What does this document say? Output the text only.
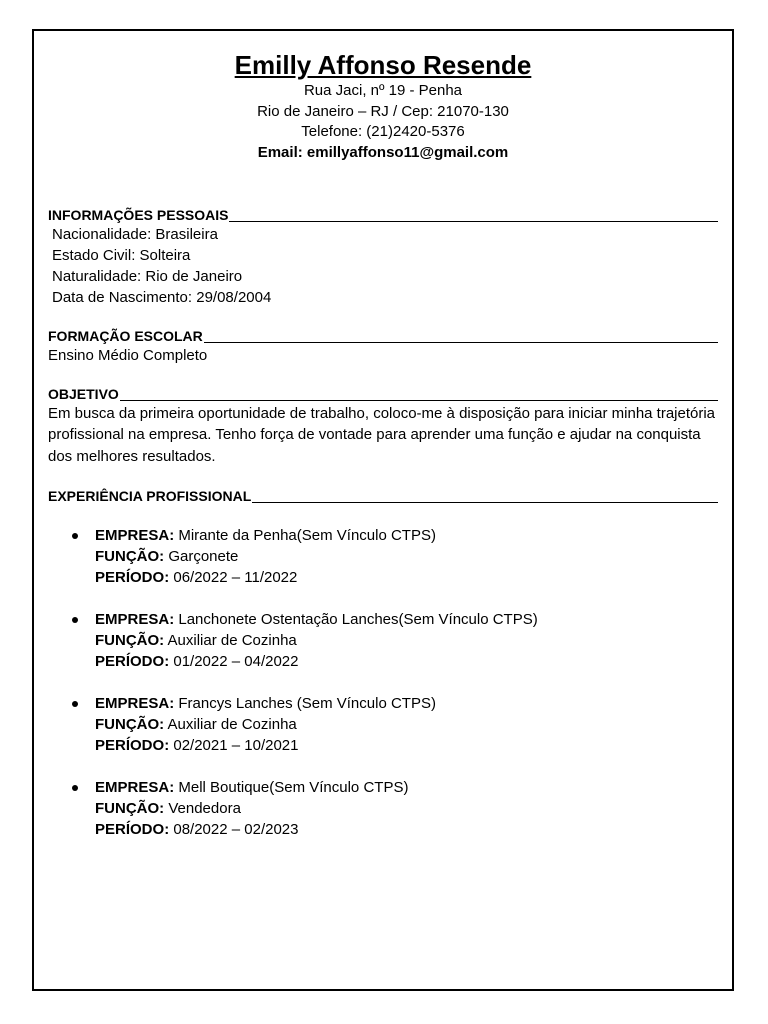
Emilly Affonso Resende
Rua Jaci, nº 19 - Penha
Rio de Janeiro – RJ / Cep: 21070-130
Telefone: (21)2420-5376
Email: emillyaffonso11@gmail.com
INFORMAÇÕES PESSOAIS
Nacionalidade: Brasileira
Estado Civil: Solteira
Naturalidade: Rio de Janeiro
Data de Nascimento: 29/08/2004
FORMAÇÃO ESCOLAR
Ensino Médio Completo
OBJETIVO
Em busca da primeira oportunidade de trabalho, coloco-me à disposição para iniciar minha trajetória profissional na empresa. Tenho força de vontade para aprender uma função e ajudar na conquista dos melhores resultados.
EXPERIÊNCIA PROFISSIONAL
EMPRESA: Mirante da Penha(Sem Vínculo CTPS)
FUNÇÃO: Garçonete
PERÍODO: 06/2022 – 11/2022
EMPRESA: Lanchonete Ostentação Lanches(Sem Vínculo CTPS)
FUNÇÃO: Auxiliar de Cozinha
PERÍODO: 01/2022 – 04/2022
EMPRESA: Francys Lanches (Sem Vínculo CTPS)
FUNÇÃO: Auxiliar de Cozinha
PERÍODO: 02/2021 – 10/2021
EMPRESA: Mell Boutique(Sem Vínculo CTPS)
FUNÇÃO: Vendedora
PERÍODO: 08/2022 – 02/2023
